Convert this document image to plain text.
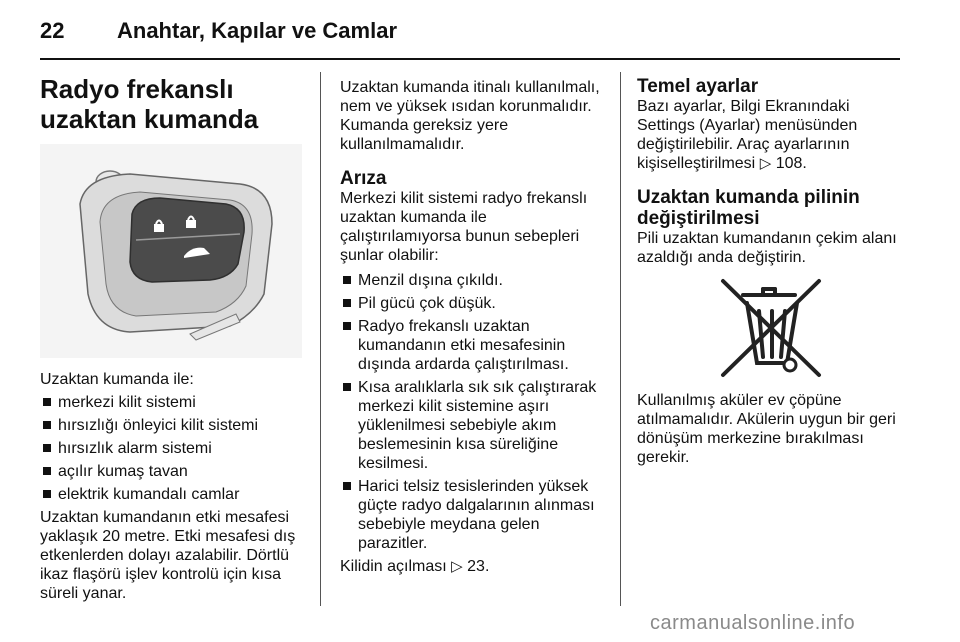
22 Anahtar, Kapılar ve Camlar
Radyo frekanslı uzaktan kumanda

Uzaktan kumanda ile:

merkezi kilit sistemi
hırsızlığı önleyici kilit sistemi
hırsızlık alarm sistemi
açılır kumaş tavan
elektrik kumandalı camlar

Uzaktan kumandanın etki mesafesi yaklaşık 20 metre. Etki mesafesi dış etkenlerden dolayı azalabilir. Dörtlü ikaz flaşörü işlev kontrolü için kısa süreli yanar.

Uzaktan kumanda itinalı kullanılmalı, nem ve yüksek ısıdan korunmalıdır. Kumanda gereksiz yere kullanılmamalıdır.

Arıza

Merkezi kilit sistemi radyo frekanslı uzaktan kumanda ile çalıştırılamıyorsa bunun sebepleri şunlar olabilir:

Menzil dışına çıkıldı.
Pil gücü çok düşük.
Radyo frekanslı uzaktan kumandanın etki mesafesinin dışında ardarda çalıştırılması.
Kısa aralıklarla sık sık çalıştırarak merkezi kilit sistemine aşırı yüklenilmesi sebebiyle akım beslemesinin kısa süreliğine kesilmesi.
Harici telsiz tesislerinden yüksek güçte radyo dalgalarının alınması sebebiyle meydana gelen parazitler.

Kilidin açılması ▷ 23.

Temel ayarlar

Bazı ayarlar, Bilgi Ekranındaki Settings (Ayarlar) menüsünden değiştirilebilir. Araç ayarlarının kişiselleştirilmesi ▷ 108.

Uzaktan kumanda pilinin değiştirilmesi

Pili uzaktan kumandanın çekim alanı azaldığı anda değiştirin.

Kullanılmış aküler ev çöpüne atılmamalıdır. Akülerin uygun bir geri dönüşüm merkezine bırakılması gerekir.

carmanualsonline.info
